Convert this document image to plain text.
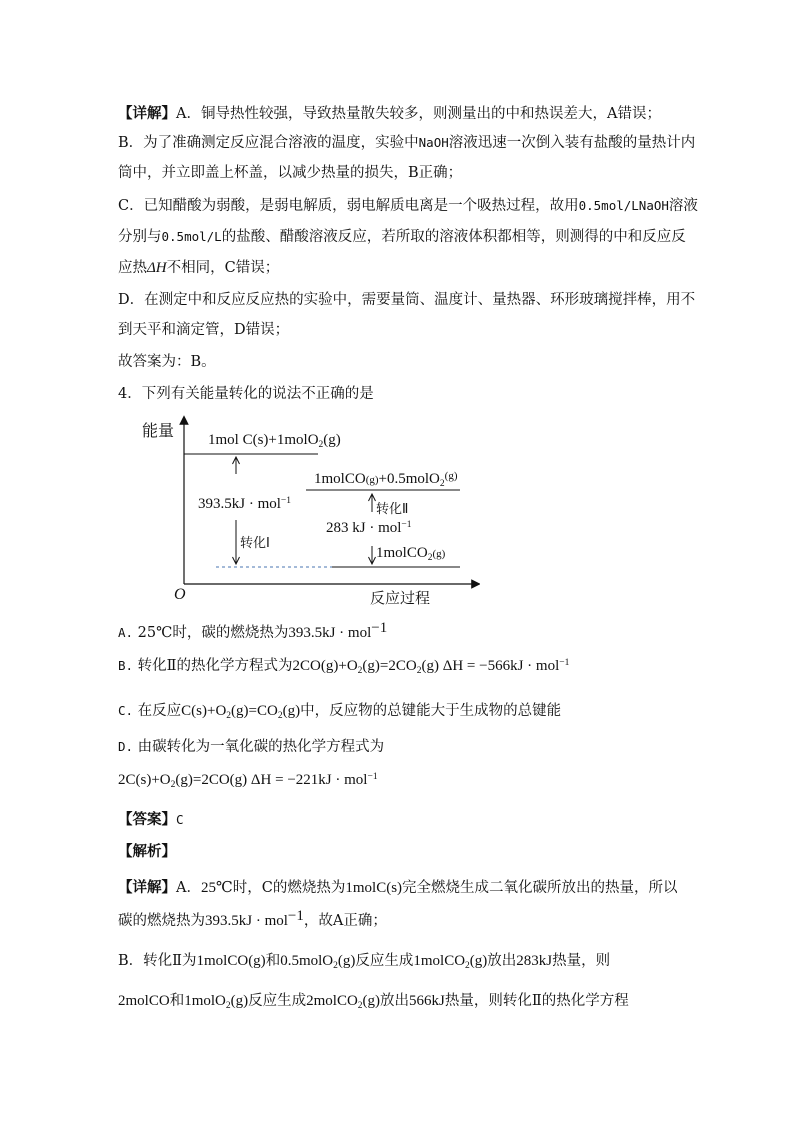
【详解】A．铜导热性较强，导致热量散失较多，则测量出的中和热误差大，A错误；
B．为了准确测定反应混合溶液的温度，实验中NaOH溶液迅速一次倒入装有盐酸的量热计内
筒中，并立即盖上杯盖，以减少热量的损失，B正确；
C．已知醋酸为弱酸，是弱电解质，弱电解质电离是一个吸热过程，故用0.5mol/LNaOH溶液
分别与0.5mol/L的盐酸、醋酸溶液反应，若所取的溶液体积都相等，则测得的中和反应反
应热ΔH不相同，C错误；
D．在测定中和反应反应热的实验中，需要量筒、温度计、量热器、环形玻璃搅拌棒，用不
到天平和滴定管，D错误；
故答案为：B。
4．下列有关能量转化的说法不正确的是
能量
O	反应过程
1mol C(s)+1molO$_2$(g)
1molCO(g)+0.5molO$_2^{(g)}$
1molCO$_2$(g)
393.5kJ · mol$^{-1}$
283 kJ · mol$^{-1}$
转化Ⅰ
转化Ⅱ
A. 25℃时，碳的燃烧热为393.5kJ · mol$^{-1}$
B. 转化Ⅱ的热化学方程式为$2CO(g)+O_2(g)=2CO_2(g) \Delta H = -566kJ \cdot mol^{-1}$
C. 在反应$C(s)+O_2(g)=CO_2(g)$中，反应物的总键能大于生成物的总键能
D. 由碳转化为一氧化碳的热化学方程式为
$2C(s)+O_2(g)=2CO(g) \Delta H = -221kJ \cdot mol^{-1}$
【答案】C
【解析】
【详解】A．25℃时，C的燃烧热为1molC(s)完全燃烧生成二氧化碳所放出的热量，所以
碳的燃烧热为393.5kJ · mol$^{-1}$，故A正确；
B．转化Ⅱ为1molCO(g)和0.5molO$_2$(g)反应生成1molCO$_2$(g)放出283kJ热量，则
2molCO和1molO$_2$(g)反应生成2molCO$_2$(g)放出566kJ热量，则转化Ⅱ的热化学方程
